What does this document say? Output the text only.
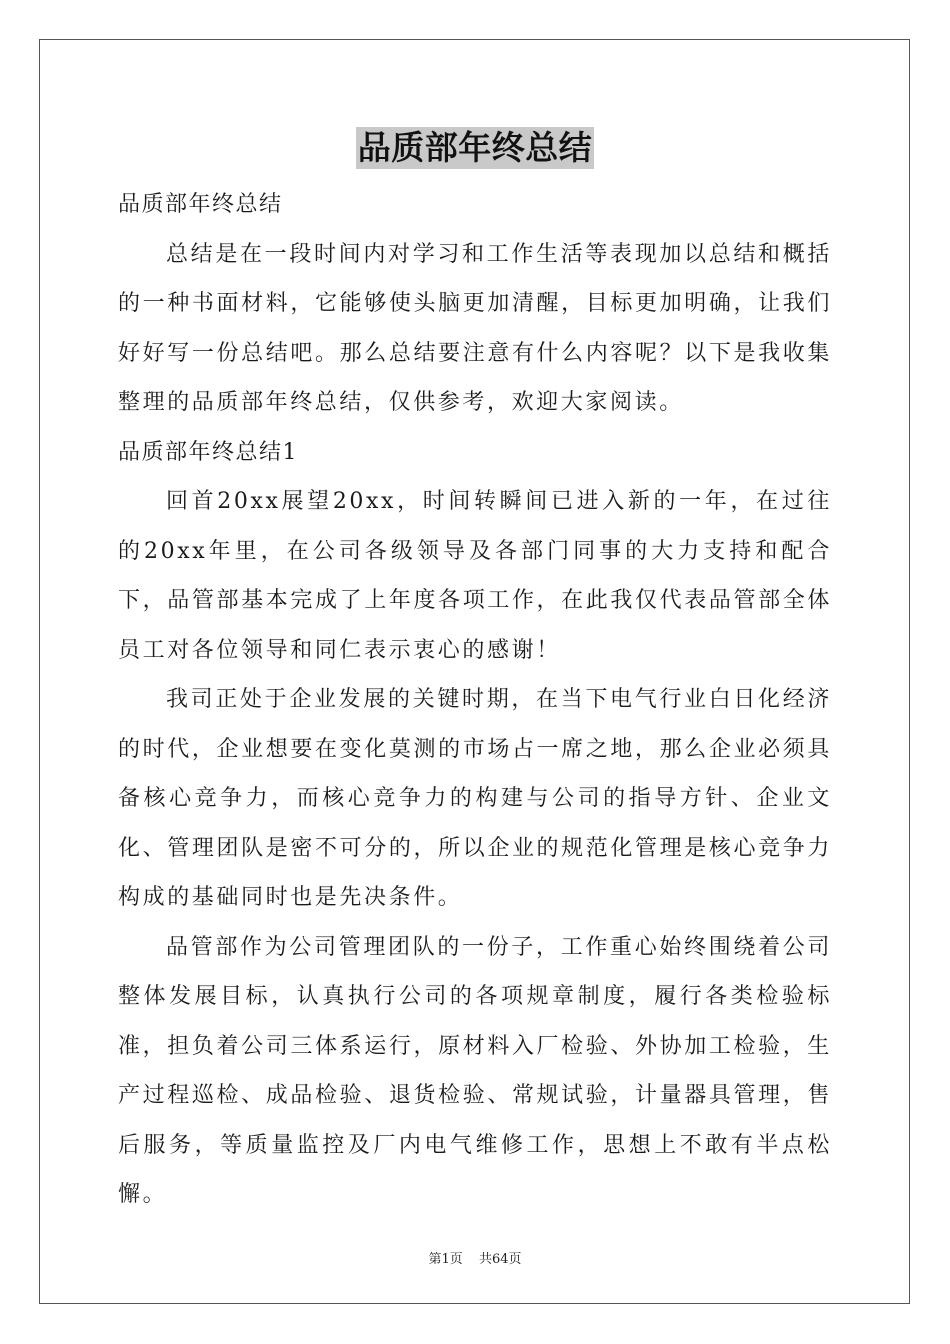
品质部年终总结

品质部年终总结

总结是在一段时间内对学习和工作生活等表现加以总结和概括的一种书面材料，它能够使头脑更加清醒，目标更加明确，让我们好好写一份总结吧。那么总结要注意有什么内容呢？以下是我收集整理的品质部年终总结，仅供参考，欢迎大家阅读。

品质部年终总结1

回首20xx展望20xx，时间转瞬间已进入新的一年，在过往的20xx年里，在公司各级领导及各部门同事的大力支持和配合下，品管部基本完成了上年度各项工作，在此我仅代表品管部全体员工对各位领导和同仁表示衷心的感谢！

我司正处于企业发展的关键时期，在当下电气行业白日化经济的时代，企业想要在变化莫测的市场占一席之地，那么企业必须具备核心竞争力，而核心竞争力的构建与公司的指导方针、企业文化、管理团队是密不可分的，所以企业的规范化管理是核心竞争力构成的基础同时也是先决条件。

品管部作为公司管理团队的一份子，工作重心始终围绕着公司整体发展目标，认真执行公司的各项规章制度，履行各类检验标准，担负着公司三体系运行，原材料入厂检验、外协加工检验，生产过程巡检、成品检验、退货检验、常规试验，计量器具管理，售后服务，等质量监控及厂内电气维修工作，思想上不敢有半点松懈。

第1页 共64页
